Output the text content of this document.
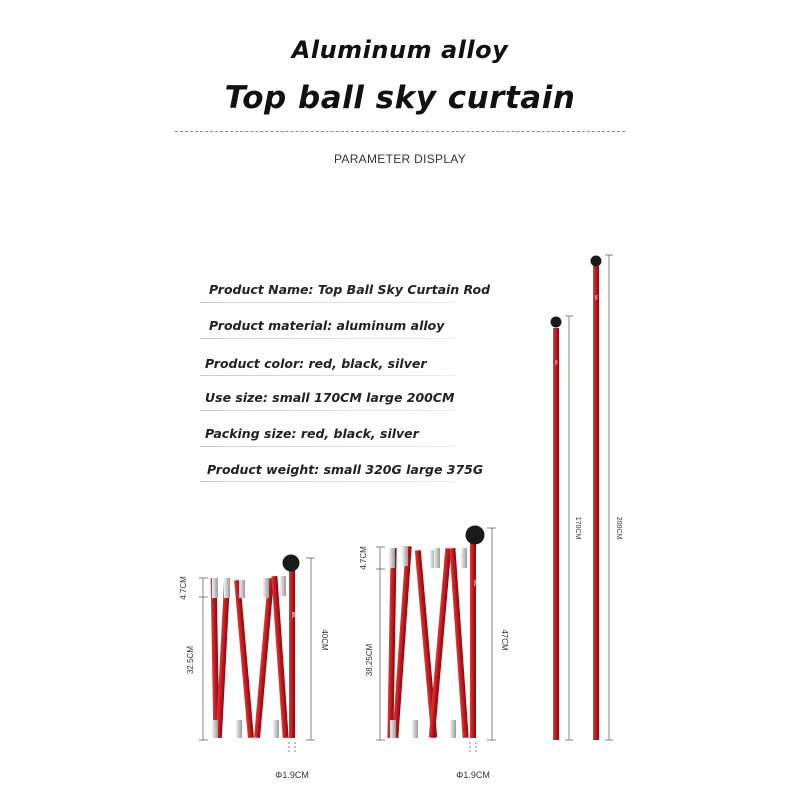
Aluminum alloy
Top ball sky curtain
PARAMETER DISPLAY
Product Name: Top Ball Sky Curtain Rod
Product material: aluminum alloy
Product color: red, black, silver
Use size: small 170CM large 200CM
Packing size: red, black, silver
Product weight: small 320G large 375G
ML
4.7CM
32.5CM
40CM
Φ1.9CM
ML
4.7CM
38.25CM
47CM
Φ1.9CM
ML
170CM
ML
200CM
